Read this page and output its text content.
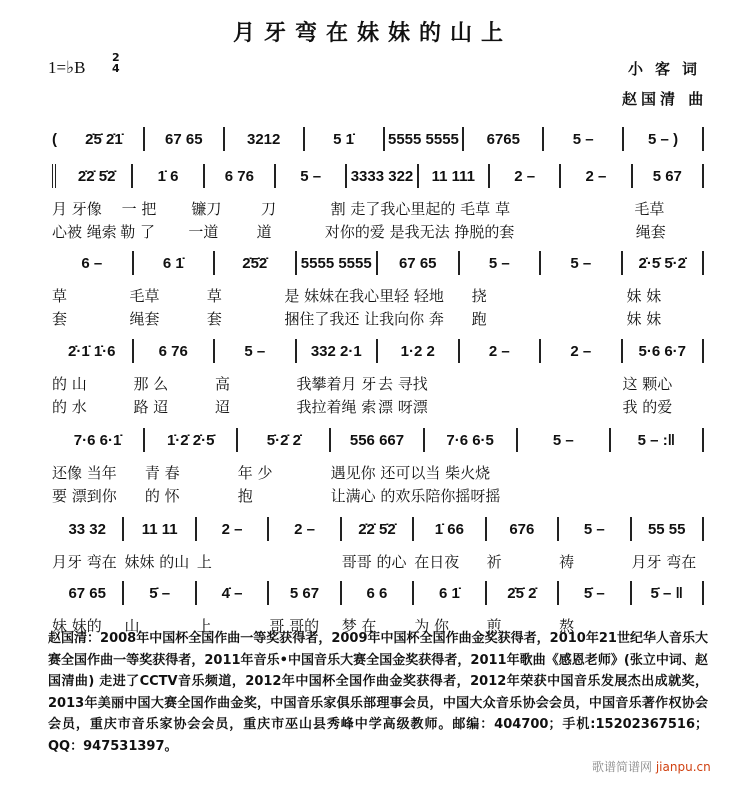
月牙弯在妹妹的山上
1=♭B
2
4	小客词
赵国清 曲
(	2̇5̇ 2̇1̇	67 65	3212	5 1̇	5555 5555	6765	5 –	5 – )
2̇2̇ 5̇2̇	1̇ 6	6 76	5 –	3333 322	11 111	2 –	2 –	5 67
月 牙像	一 把	镰刀	刀	割 走了我心里 起的 毛草 草	毛草
心被 绳索 勒 了	一道	道	对你的爱 是我 无法 挣脱的 套	绳套
6 –	6 1̇	2̇5̇2̇	5555 5555	67 65	5 –	5 –	2̇·5̇ 5̇·2̇
草	毛草	草	是 妹妹在我心里 轻 轻地	挠	妹 妹
套	绳套	套	捆住了我还 让我 向你 奔	跑	妹 妹
2̇·1̇ 1̇·6	6 76	5 –	332 2·1	1·2 2	2 –	2 –	5·6 6·7
的 山	那 么	高	我攀着月 牙 去 寻找	这 颗心
的 水	路 迢	迢	我拉着绳 索 漂 呀漂	我 的爱
7·6 6·1̇	1̇·2̇ 2̇·5̇	5̇·2̇ 2̇	556 667	7·6 6·5	5 –	5 – :‖
还像 当年	青 春	年 少	遇见你 还可以 当 柴火烧
要 漂到你	的 怀	抱	让满心 的欢乐 陪你摇呀摇
33 32	11 11	2 –	2 –	2̇2̇ 5̇2̇	1̇ 66	676	5 –	55 55
月牙 弯在 妹妹 的山 上	哥哥 的心 在日夜	祈	祷	月牙 弯在
67 65	5̇ –	4̇ –	5 67	6 6	6 1̇	2̇5̇ 2̇	5̇ –	5̇ – ‖
妹 妹的	山	上	哥 哥的	梦 在	为 你	煎	熬
赵国清：2008年中国杯全国作曲一等奖获得者，2009年中国杯全国作曲金奖获得者，2010年21世纪华人音乐大赛全国作曲一等奖获得者，2011年音乐•中国音乐大赛全国金奖获得者，2011年歌曲《感恩老师》(张立中词、赵国清曲) 走进了CCTV音乐频道，2012年中国杯全国作曲金奖获得者，2012年荣获中国音乐发展杰出成就奖，2013年美丽中国大赛全国作曲金奖，中国音乐家俱乐部理事会员，中国大众音乐协会会员，中国音乐著作权协会会员，重庆市音乐家协会会员，重庆市巫山县秀峰中学高级教师。邮编：404700；手机:15202367516；QQ：947531397。
歌谱简谱网 jianpu.cn
